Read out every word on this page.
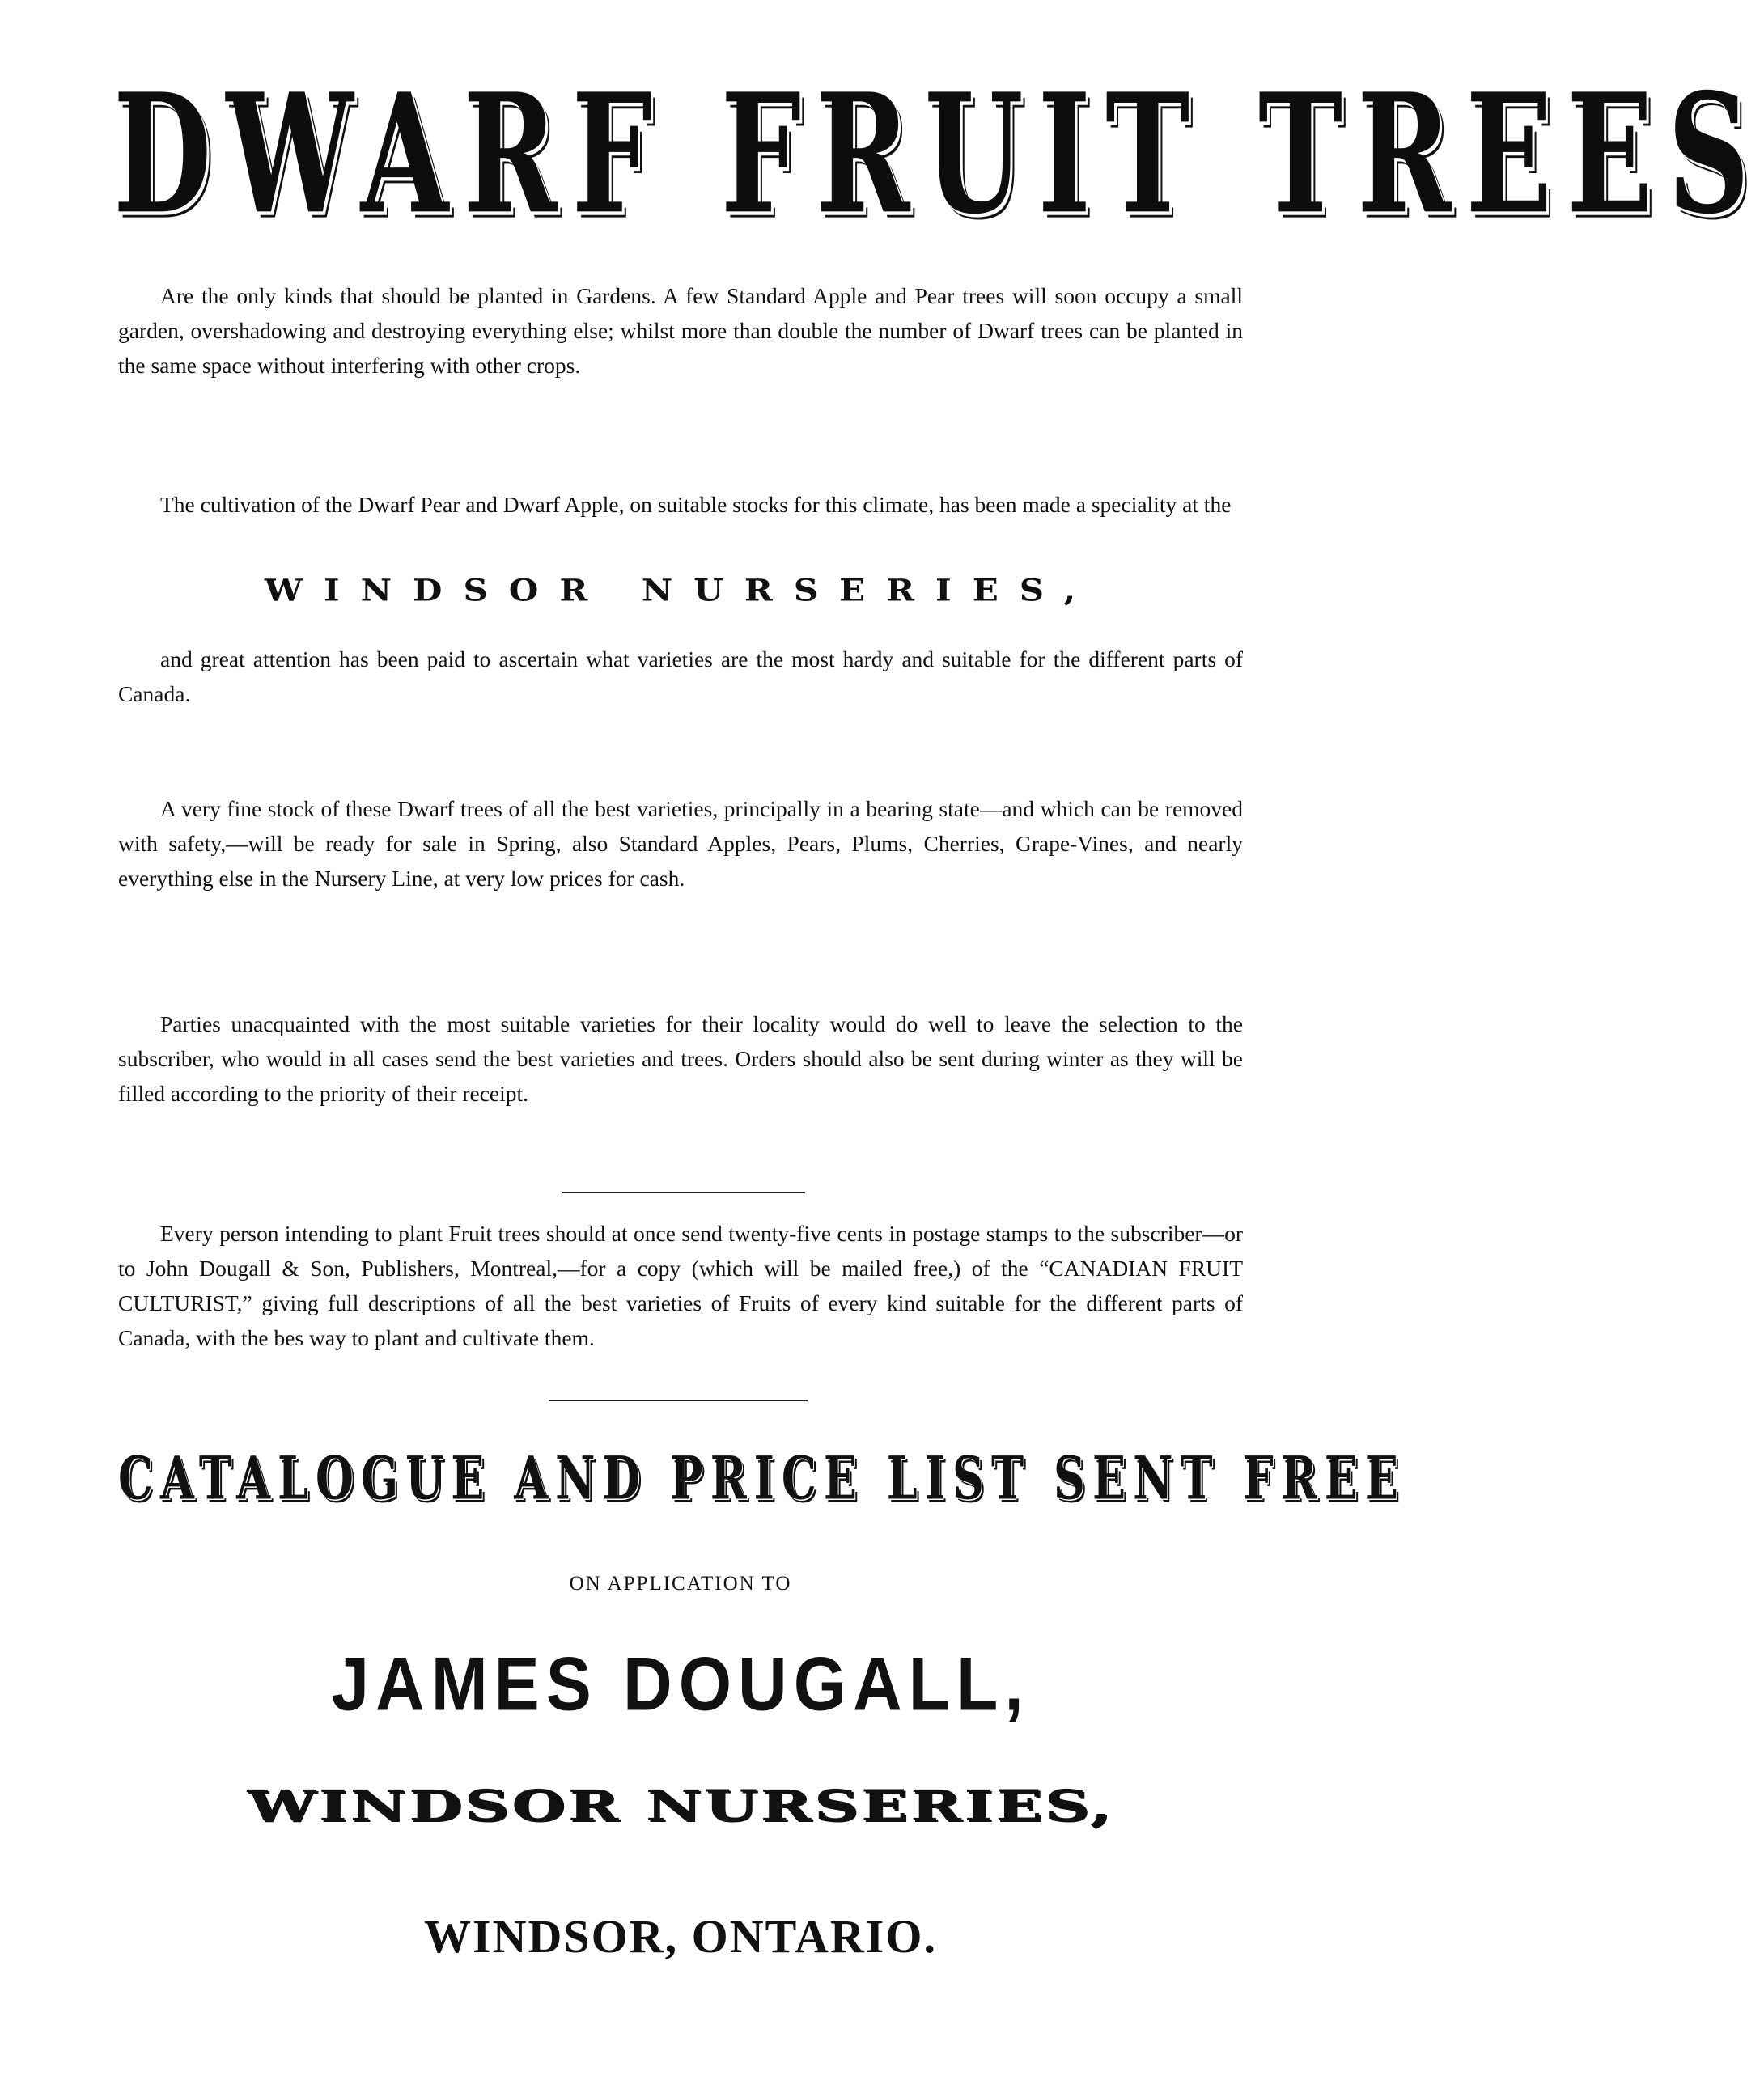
DWARF FRUIT TREES

Are the only kinds that should be planted in Gardens. A few Standard Apple and Pear trees will soon occupy a small garden, overshadowing and destroying everything else; whilst more than double the number of Dwarf trees can be planted in the same space without interfering with other crops.

The cultivation of the Dwarf Pear and Dwarf Apple, on suitable stocks for this climate, has been made a speciality at the

WINDSOR NURSERIES,

and great attention has been paid to ascertain what varieties are the most hardy and suitable for the different parts of Canada.

A very fine stock of these Dwarf trees of all the best varieties, principally in a bearing state—and which can be removed with safety,—will be ready for sale in Spring, also Standard Apples, Pears, Plums, Cherries, Grape-Vines, and nearly everything else in the Nursery Line, at very low prices for cash.

Parties unacquainted with the most suitable varieties for their locality would do well to leave the selection to the subscriber, who would in all cases send the best varieties and trees. Orders should also be sent during winter as they will be filled according to the priority of their receipt.

Every person intending to plant Fruit trees should at once send twenty-five cents in postage stamps to the subscriber—or to John Dougall & Son, Publishers, Montreal,—for a copy (which will be mailed free,) of the “CANADIAN FRUIT CULTURIST,” giving full descriptions of all the best varieties of Fruits of every kind suitable for the different parts of Canada, with the bes way to plant and cultivate them.

CATALOGUE AND PRICE LIST SENT FREE
ON APPLICATION TO
JAMES DOUGALL,
WINDSOR NURSERIES,
WINDSOR, ONTARIO.
